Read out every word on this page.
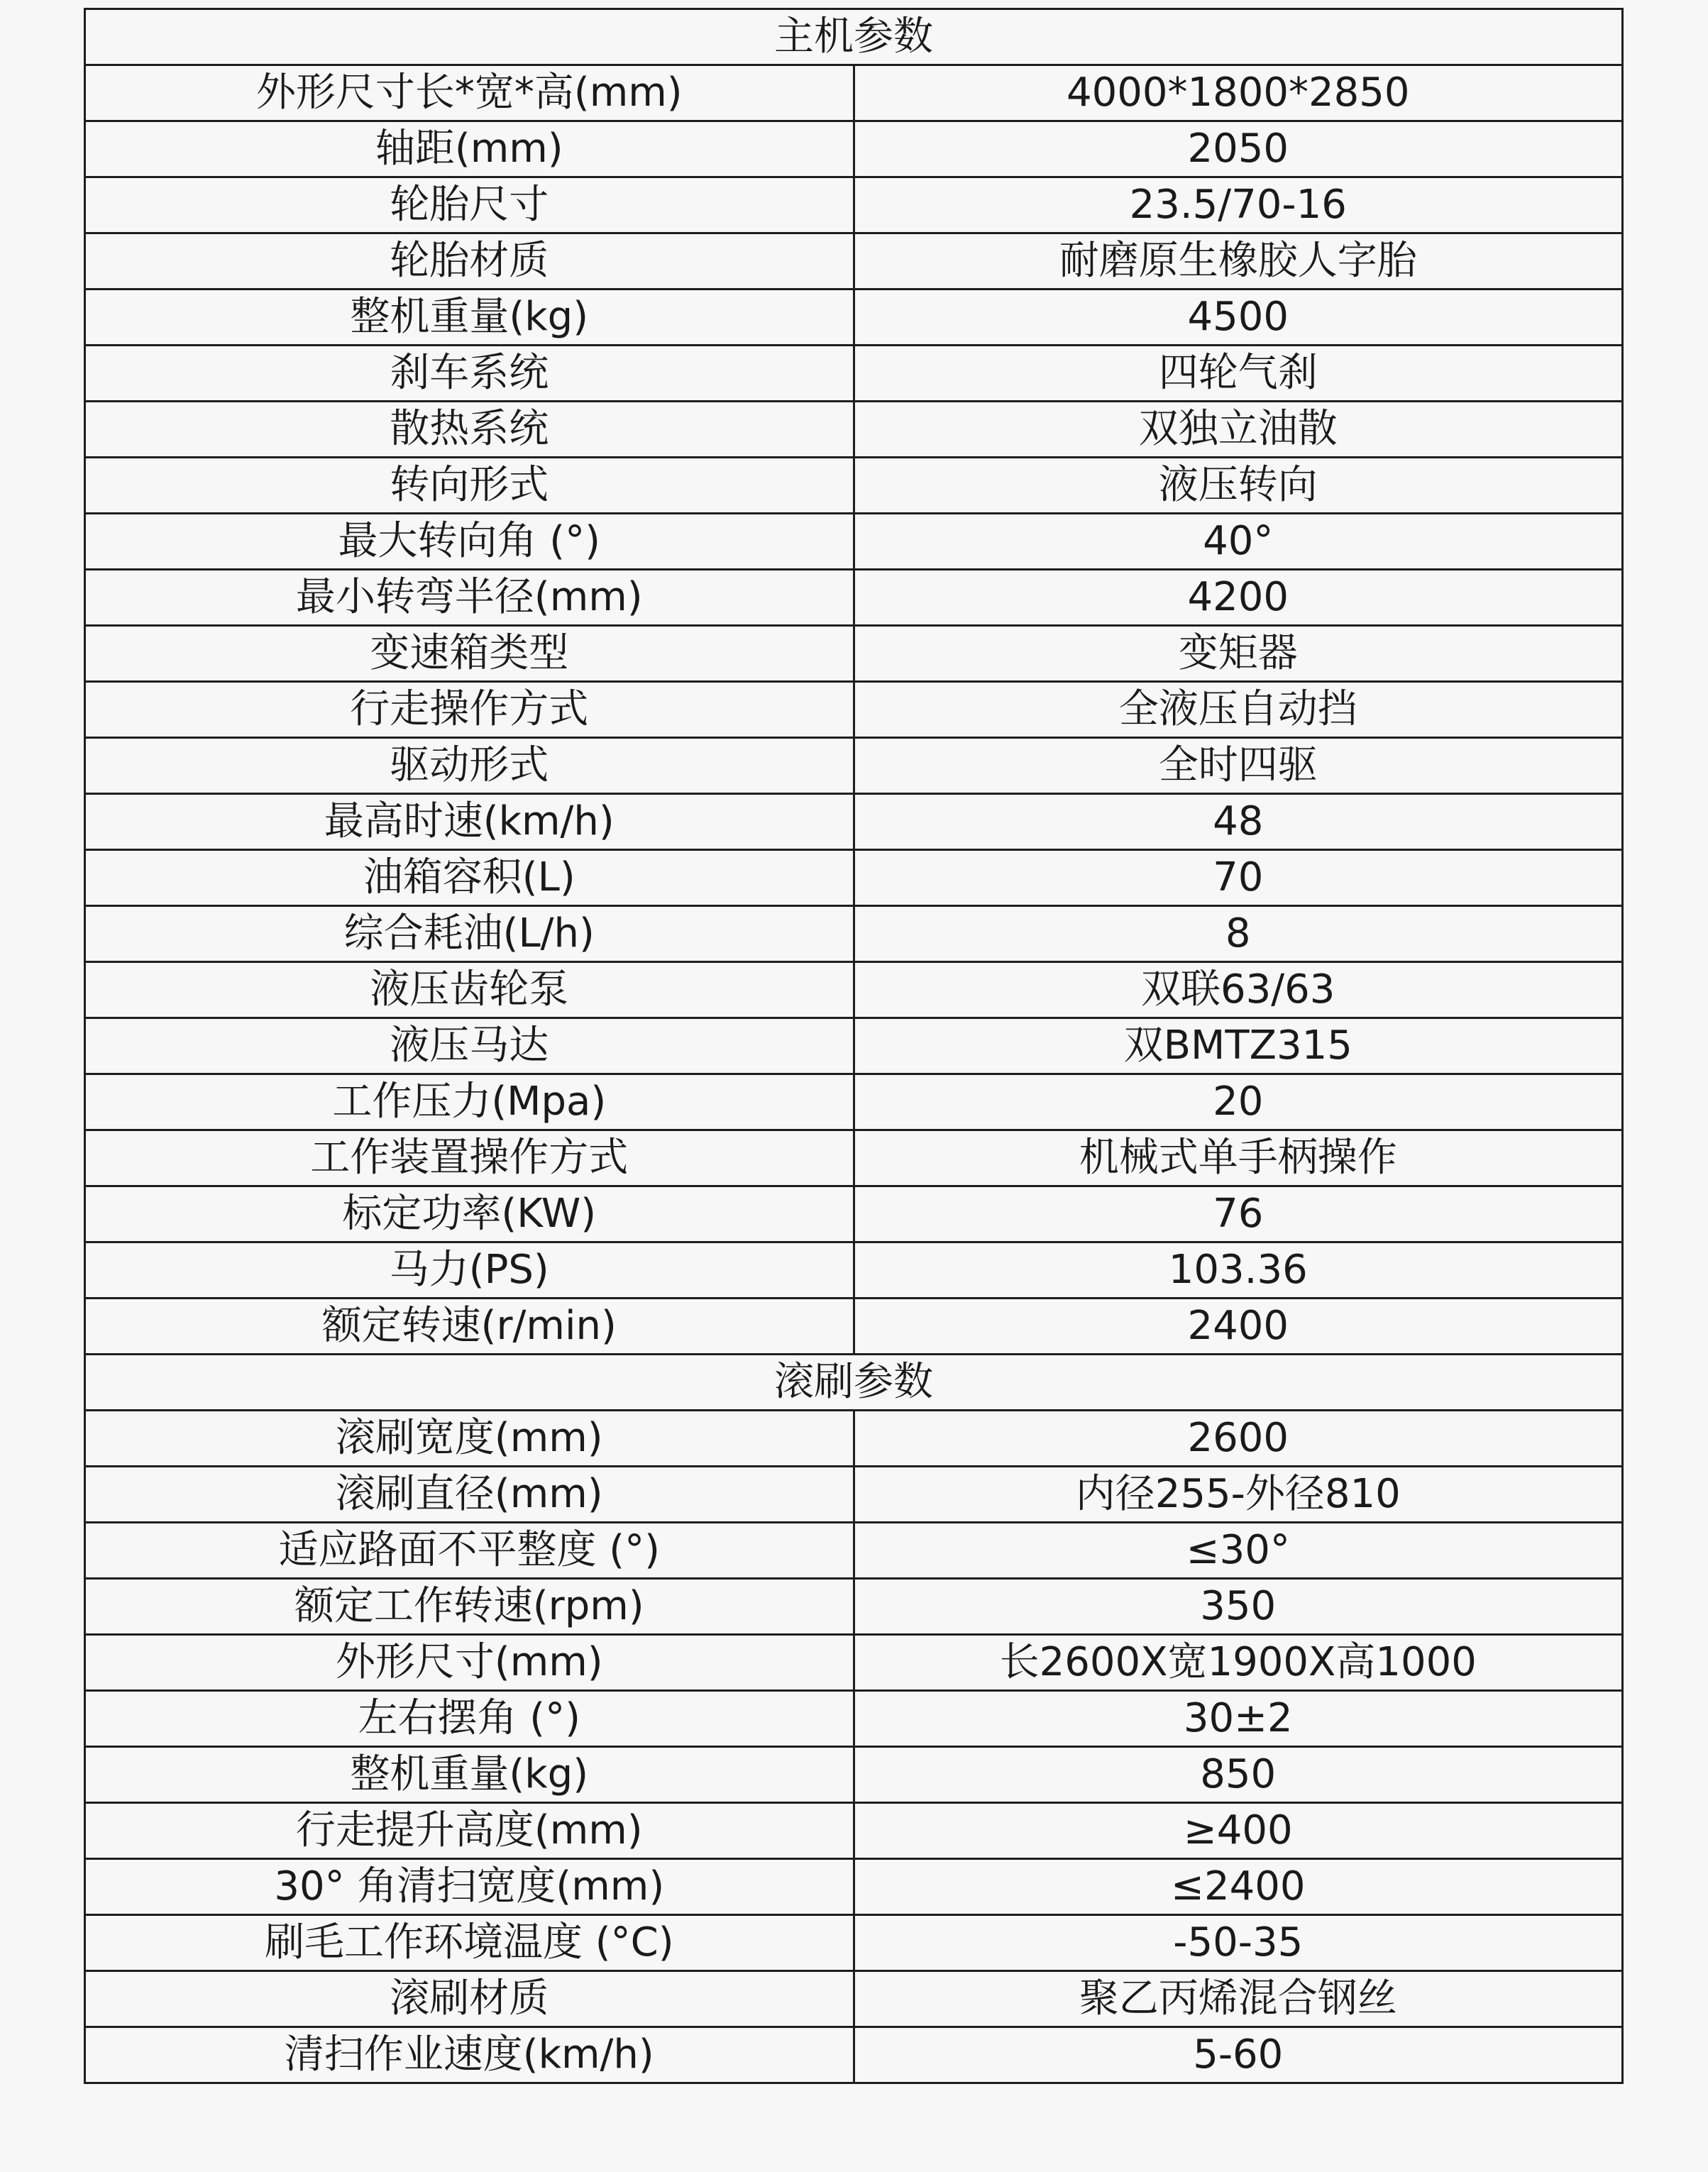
主机参数	
外形尺寸长*宽*高(mm)	4000*1800*2850
轴距(mm)	2050
轮胎尺寸	23.5/70-16
轮胎材质	耐磨原生橡胶人字胎
整机重量(kg)	4500
刹车系统	四轮气刹
散热系统	双独立油散
转向形式	液压转向
最大转向角 (°)	40°
最小转弯半径(mm)	4200
变速箱类型	变矩器
行走操作方式	全液压自动挡
驱动形式	全时四驱
最高时速(km/h)	48
油箱容积(L)	70
综合耗油(L/h)	8
液压齿轮泵	双联63/63
液压马达	双BMTZ315
工作压力(Mpa)	20
工作装置操作方式	机械式单手柄操作
标定功率(KW)	76
马力(PS)	103.36
额定转速(r/min)	2400
滚刷参数	
滚刷宽度(mm)	2600
滚刷直径(mm)	内径255-外径810
适应路面不平整度 (°)	≤30°
额定工作转速(rpm)	350
外形尺寸(mm)	长2600X宽1900X高1000
左右摆角 (°)	30±2
整机重量(kg)	850
行走提升高度(mm)	≥400
30° 角清扫宽度(mm)	≤2400
刷毛工作环境温度 (°C)	-50-35
滚刷材质	聚乙丙烯混合钢丝
清扫作业速度(km/h)	5-60
